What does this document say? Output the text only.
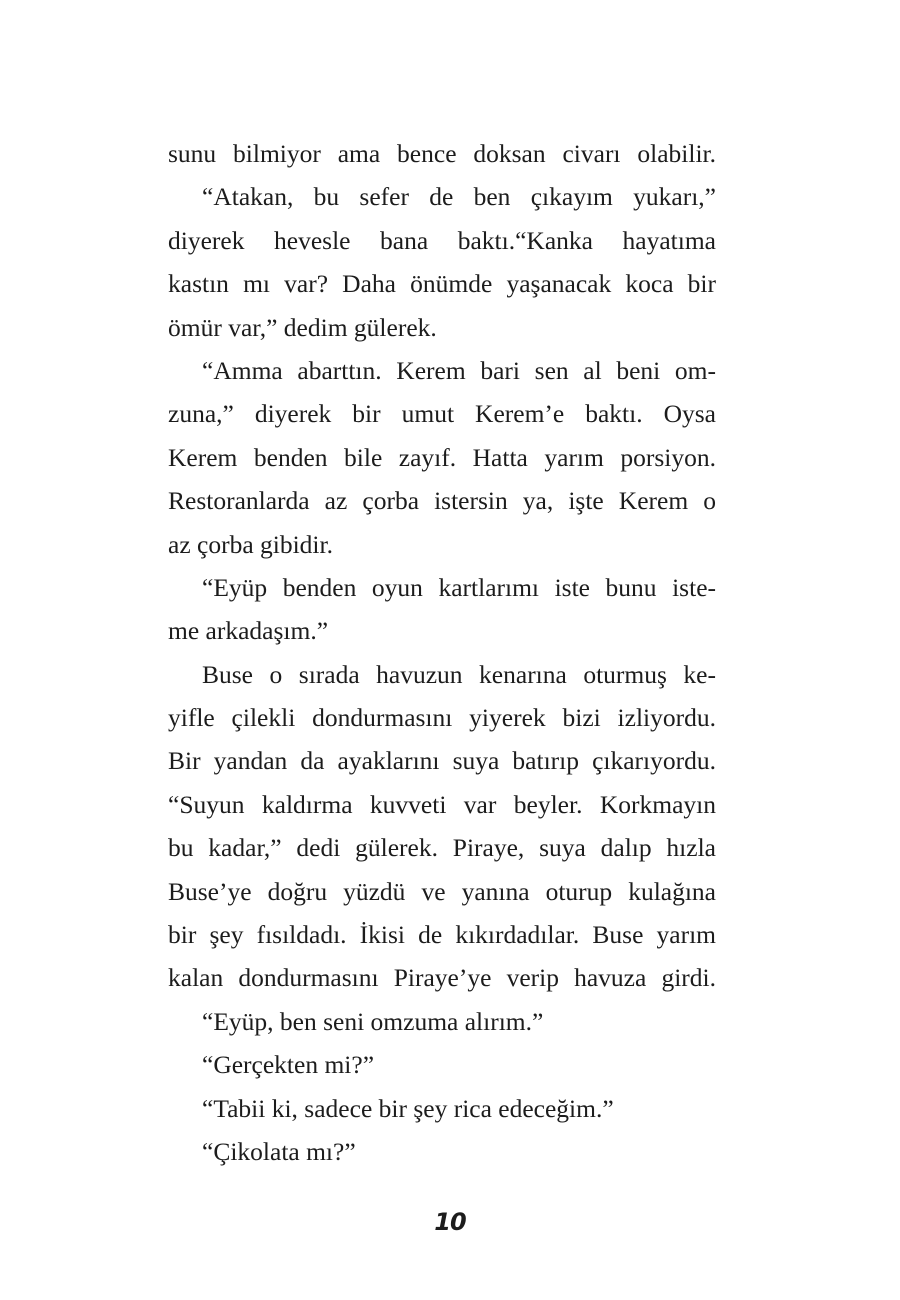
sunu bilmiyor ama bence doksan civarı olabilir.
“Atakan, bu sefer de ben çıkayım yukarı,”
diyerek hevesle bana baktı.“Kanka hayatıma
kastın mı var? Daha önümde yaşanacak koca bir
ömür var,” dedim gülerek.
“Amma abarttın. Kerem bari sen al beni om-
zuna,” diyerek bir umut Kerem’e baktı. Oysa
Kerem benden bile zayıf. Hatta yarım porsiyon.
Restoranlarda az çorba istersin ya, işte Kerem o
az çorba gibidir.
“Eyüp benden oyun kartlarımı iste bunu iste-
me arkadaşım.”
Buse o sırada havuzun kenarına oturmuş ke-
yifle çilekli dondurmasını yiyerek bizi izliyordu.
Bir yandan da ayaklarını suya batırıp çıkarıyordu.
“Suyun kaldırma kuvveti var beyler. Korkmayın
bu kadar,” dedi gülerek. Piraye, suya dalıp hızla
Buse’ye doğru yüzdü ve yanına oturup kulağına
bir şey fısıldadı. İkisi de kıkırdadılar. Buse yarım
kalan dondurmasını Piraye’ye verip havuza girdi.
“Eyüp, ben seni omzuma alırım.”
“Gerçekten mi?”
“Tabii ki, sadece bir şey rica edeceğim.”
“Çikolata mı?”
10
